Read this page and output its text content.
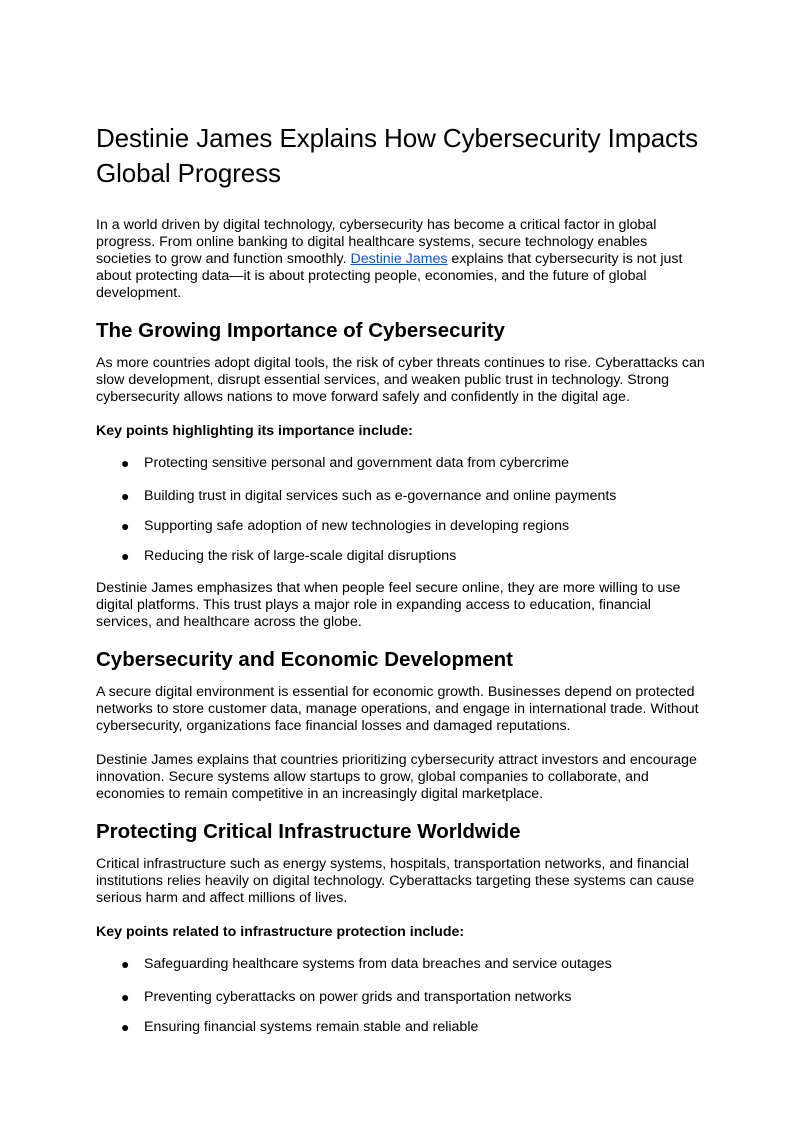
Destinie James Explains How Cybersecurity Impacts Global Progress

In a world driven by digital technology, cybersecurity has become a critical factor in global progress. From online banking to digital healthcare systems, secure technology enables societies to grow and function smoothly. Destinie James explains that cybersecurity is not just about protecting data—it is about protecting people, economies, and the future of global development.

The Growing Importance of Cybersecurity

As more countries adopt digital tools, the risk of cyber threats continues to rise. Cyberattacks can slow development, disrupt essential services, and weaken public trust in technology. Strong cybersecurity allows nations to move forward safely and confidently in the digital age.

Key points highlighting its importance include:

● Protecting sensitive personal and government data from cybercrime
● Building trust in digital services such as e-governance and online payments
● Supporting safe adoption of new technologies in developing regions
● Reducing the risk of large-scale digital disruptions

Destinie James emphasizes that when people feel secure online, they are more willing to use digital platforms. This trust plays a major role in expanding access to education, financial services, and healthcare across the globe.

Cybersecurity and Economic Development

A secure digital environment is essential for economic growth. Businesses depend on protected networks to store customer data, manage operations, and engage in international trade. Without cybersecurity, organizations face financial losses and damaged reputations.

Destinie James explains that countries prioritizing cybersecurity attract investors and encourage innovation. Secure systems allow startups to grow, global companies to collaborate, and economies to remain competitive in an increasingly digital marketplace.

Protecting Critical Infrastructure Worldwide

Critical infrastructure such as energy systems, hospitals, transportation networks, and financial institutions relies heavily on digital technology. Cyberattacks targeting these systems can cause serious harm and affect millions of lives.

Key points related to infrastructure protection include:

● Safeguarding healthcare systems from data breaches and service outages
● Preventing cyberattacks on power grids and transportation networks
● Ensuring financial systems remain stable and reliable
